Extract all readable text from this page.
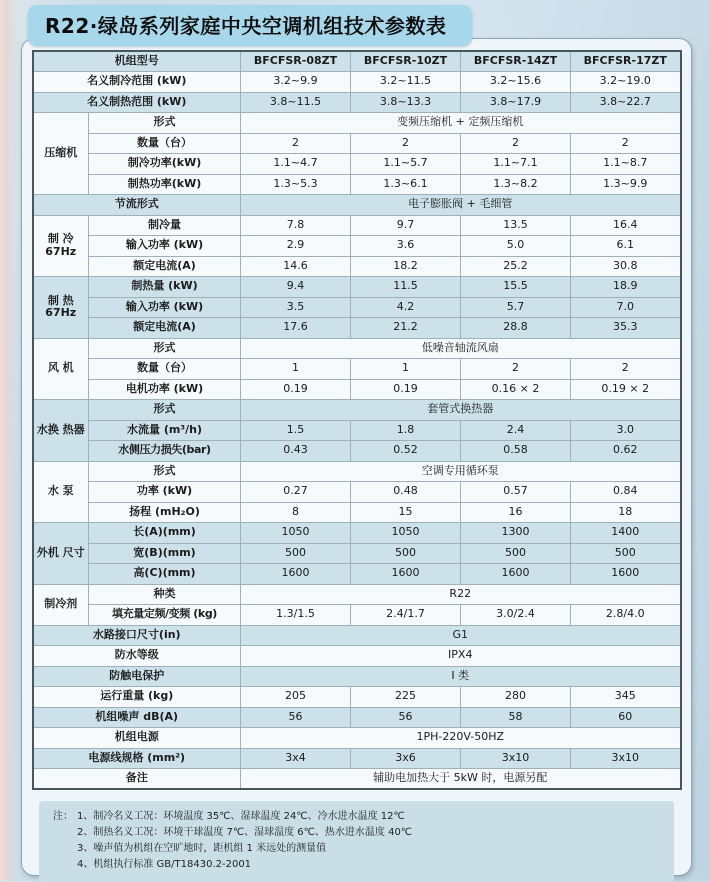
R22·绿岛系列家庭中央空调机组技术参数表
机组型号		BFCFSR-08ZT	BFCFSR-10ZT	BFCFSR-14ZT	BFCFSR-17ZT
名义制冷范围 (kW)		3.2~9.9	3.2~11.5	3.2~15.6	3.2~19.0
名义制热范围 (kW)		3.8~11.5	3.8~13.3	3.8~17.9	3.8~22.7
压缩机	形式	变频压缩机 + 定频压缩机			
	数量（台）	2	2	2	2
	制冷功率(kW)	1.1~4.7	1.1~5.7	1.1~7.1	1.1~8.7
	制热功率(kW)	1.3~5.3	1.3~6.1	1.3~8.2	1.3~9.9
节流形式		电子膨胀阀 + 毛细管			
制 冷 67Hz	制冷量	7.8	9.7	13.5	16.4
	输入功率 (kW)	2.9	3.6	5.0	6.1
	额定电流(A)	14.6	18.2	25.2	30.8
制 热 67Hz	制热量 (kW)	9.4	11.5	15.5	18.9
	输入功率 (kW)	3.5	4.2	5.7	7.0
	额定电流(A)	17.6	21.2	28.8	35.3
风 机	形式	低噪音轴流风扇			
	数量（台）	1	1	2	2
	电机功率 (kW)	0.19	0.19	0.16 × 2	0.19 × 2
水换 热器	形式	套管式换热器			
	水流量 (m³/h)	1.5	1.8	2.4	3.0
	水侧压力损失(bar)	0.43	0.52	0.58	0.62
水 泵	形式	空调专用循环泵			
	功率 (kW)	0.27	0.48	0.57	0.84
	扬程 (mH₂O)	8	15	16	18
外机 尺寸	长(A)(mm)	1050	1050	1300	1400
	宽(B)(mm)	500	500	500	500
	高(C)(mm)	1600	1600	1600	1600
制冷剂	种类	R22			
	填充量定频/变频 (kg)	1.3/1.5	2.4/1.7	3.0/2.4	2.8/4.0
水路接口尺寸(in)		G1			
防水等级		IPX4			
防触电保护		I 类			
运行重量 (kg)		205	225	280	345
机组噪声 dB(A)		56	56	58	60
机组电源		1PH-220V-50HZ			
电源线规格 (mm²)		3x4	3x6	3x10	3x10
备注		辅助电加热大于 5kW 时，电源另配			
注： 1、制冷名义工况：环境温度 35℃、湿球温度 24℃、冷水进水温度 12℃
2、制热名义工况：环境干球温度 7℃、湿球温度 6℃、热水进水温度 40℃
3、噪声值为机组在空旷地时，距机组 1 米远处的测量值
4、机组执行标准 GB/T18430.2-2001
